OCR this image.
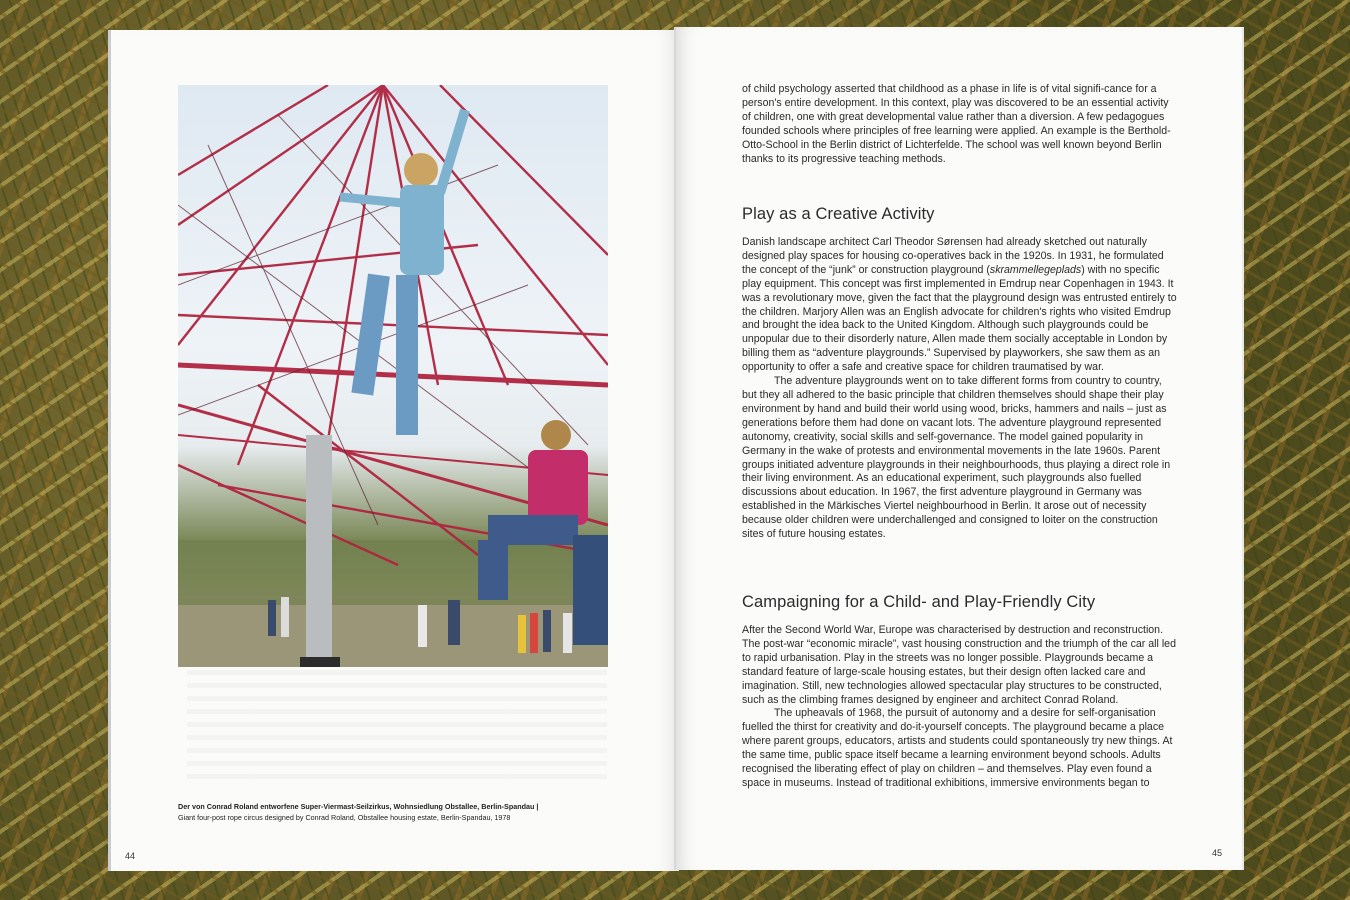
Der von Conrad Roland entworfene Super-Viermast-Seilzirkus, Wohnsiedlung Obstallee, Berlin-Spandau |
Giant four-post rope circus designed by Conrad Roland, Obstallee housing estate, Berlin-Spandau, 1978
44

of child psychology asserted that childhood as a phase in life is of vital signifi-cance for a person's entire development. In this context, play was discovered to be an essential activity of children, one with great developmental value rather than a diversion. A few pedagogues founded schools where principles of free learning were applied. An example is the Berthold-Otto-School in the Berlin district of Lichterfelde. The school was well known beyond Berlin thanks to its progressive teaching methods.

Play as a Creative Activity

Danish landscape architect Carl Theodor Sørensen had already sketched out naturally designed play spaces for housing co-operatives back in the 1920s. In 1931, he formulated the concept of the “junk” or construction playground (skrammellegeplads) with no specific play equipment. This concept was first implemented in Emdrup near Copenhagen in 1943. It was a revolutionary move, given the fact that the playground design was entrusted entirely to the children. Marjory Allen was an English advocate for children's rights who visited Emdrup and brought the idea back to the United Kingdom. Although such playgrounds could be unpopular due to their disorderly nature, Allen made them socially acceptable in London by billing them as “adventure playgrounds.” Supervised by playworkers, she saw them as an opportunity to offer a safe and creative space for children traumatised by war.

The adventure playgrounds went on to take different forms from country to country, but they all adhered to the basic principle that children themselves should shape their play environment by hand and build their world using wood, bricks, hammers and nails – just as generations before them had done on vacant lots. The adventure playground represented autonomy, creativity, social skills and self-governance. The model gained popularity in Germany in the wake of protests and environmental movements in the late 1960s. Parent groups initiated adventure playgrounds in their neighbourhoods, thus playing a direct role in their living environment. As an educational experiment, such playgrounds also fuelled discussions about education. In 1967, the first adventure playground in Germany was established in the Märkisches Viertel neighbourhood in Berlin. It arose out of necessity because older children were underchallenged and consigned to loiter on the construction sites of future housing estates.

Campaigning for a Child- and Play-Friendly City

After the Second World War, Europe was characterised by destruction and reconstruction. The post-war “economic miracle”, vast housing construction and the triumph of the car all led to rapid urbanisation. Play in the streets was no longer possible. Playgrounds became a standard feature of large-scale housing estates, but their design often lacked care and imagination. Still, new technologies allowed spectacular play structures to be constructed, such as the climbing frames designed by engineer and architect Conrad Roland.

The upheavals of 1968, the pursuit of autonomy and a desire for self-organisation fuelled the thirst for creativity and do-it-yourself concepts. The playground became a place where parent groups, educators, artists and students could spontaneously try new things. At the same time, public space itself became a learning environment beyond schools. Adults recognised the liberating effect of play on children – and themselves. Play even found a space in museums. Instead of traditional exhibitions, immersive environments began to

45
